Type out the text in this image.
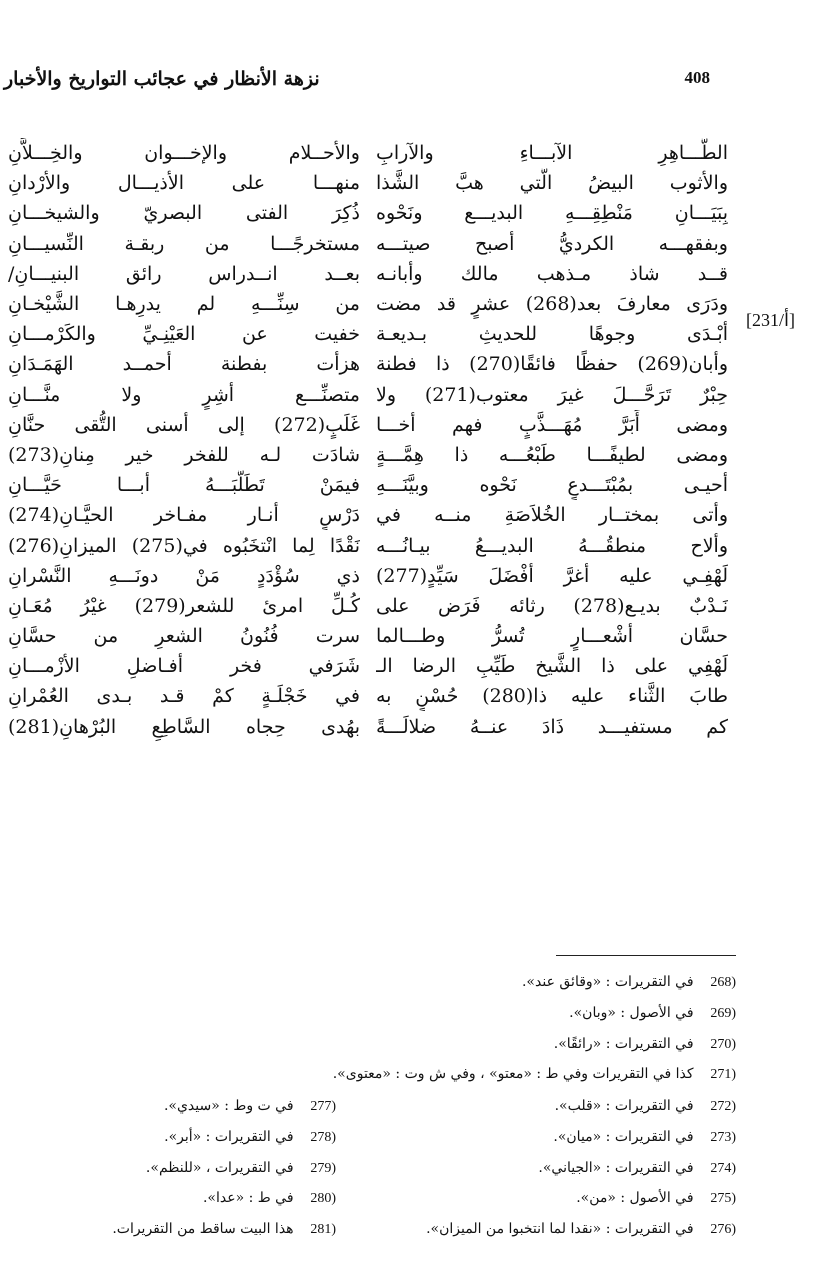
408
نزهة الأنظار في عجائب التواريخ والأخبار
[231/أ]
الطَّـــاهِرِ الآبـــاءِ والآرابِ
والأحــلام والإخـــوان والخِـــلاَّنِ
والأثوب البيضُ الَّتي هبَّ الشَّذا
منهـــا على الأذيـــال والأرْدانِ
بِبَيَـــانِ مَنْطِقِـــهِ البديـــع ونَحْوه
ذُكِرَ الفتى البصريّ والشيخـــانِ
وبفقهـــه الكرديُّ أصبح صيتـــه
مستخرجًـــا من ربقـة النِّسيـــانِ
قــد شاذ مـذهب مالك وأبانـه
بعــد انــدراس رائق البنيـــانِ/
ودَرَى معارفَ بعد(268) عشرٍ قد مضت
من سِنِّـــهِ لم يدرِهـا الشَّيْخـانِ
أبْـدَى وجوهًا للحديثِ بـديعـة
خفيت عن العَيْنِـيِّ والكَرْمـــانِ
وأبان(269) حفظًا فائقًا(270) ذا فطنة
هزأت بفطنة أحمــد الهَمَـدَانِ
حِبْرٌ تَرَحَّـــلَ غيرَ معتوب(271) ولا
متصنِّـــع أشِرٍ ولا منَّـــانِ
ومضى أَبَرَّ مُهَـــذَّبٍ فهم أخـــا
غَلَبٍ(272) إلى أسنى التُّقى حنَّانِ
ومضى لطيفًـــا طَبْعُـــه ذا هِمَّـــةٍ
شادَت لـه للفخر خير مِنانِ(273)
أحيـى بمُبْتَـــدعٍ نَحْوه وبيَّنَـــهِ
فيمَنْ تَطَلَّبَـــهُ أبـــا حَيَّـــانِ
وأتى بمختــار الخُلاَصَةِ منــه في
دَرْسٍ أنـار مفـاخر الحيَّـانِ(274)
وألاح منطقُـــهُ البديـــعُ بيـانُـــه
نَقْدًا لِما انْتخَبُوه في(275) الميزانِ(276)
لَهْفِـي عليه أغرَّ أفْضَلَ سَيِّدٍ(277)
ذي سُؤْدَدٍ مَنْ دونَـــهِ النَّسْرانِ
نَـدْبٌ بديـع(278) رثائه فَرَض على
كُـلِّ امرئ للشعر(279) غيْرُ مُعَـانِ
حسَّان أشْعـــارٍ تُسرُّ وطـــالما
سرت فُنُونُ الشعرِ من حسَّانِ
لَهْفِي على ذا الشَّيخ طَيِّبِ الرضا الـ
شَرَفي فخر أفـاضلِ الأزْمـــانِ
طابَ الثَّناء عليه ذا(280) حُسْنٍ به
في خَجْلَـةٍ كمْ قـد بـدى العُمْرانِ
كم مستفيـــد ذَادَ عنــهُ ضلالَـــةً
بهُدى حِجاه السَّاطِعِ البُرْهانِ(281)
268) في التقريرات : «وقائق عند».
269) في الأصول : «وبان».
270) في التقريرات : «رائقًا».
271) كذا في التقريرات وفي ط : «معتو» ، وفي ش وت : «معتوى».
272) في التقريرات : «قلب».
273) في التقريرات : «ميان».
274) في التقريرات : «الجياني».
275) في الأصول : «من».
276) في التقريرات : «نقدا لما انتخبوا من الميزان».
277) في ت وط : «سيدي».
278) في التقريرات : «أبر».
279) في التقريرات ، «للنظم».
280) في ط : «عدا».
281) هذا البيت ساقط من التقريرات.
